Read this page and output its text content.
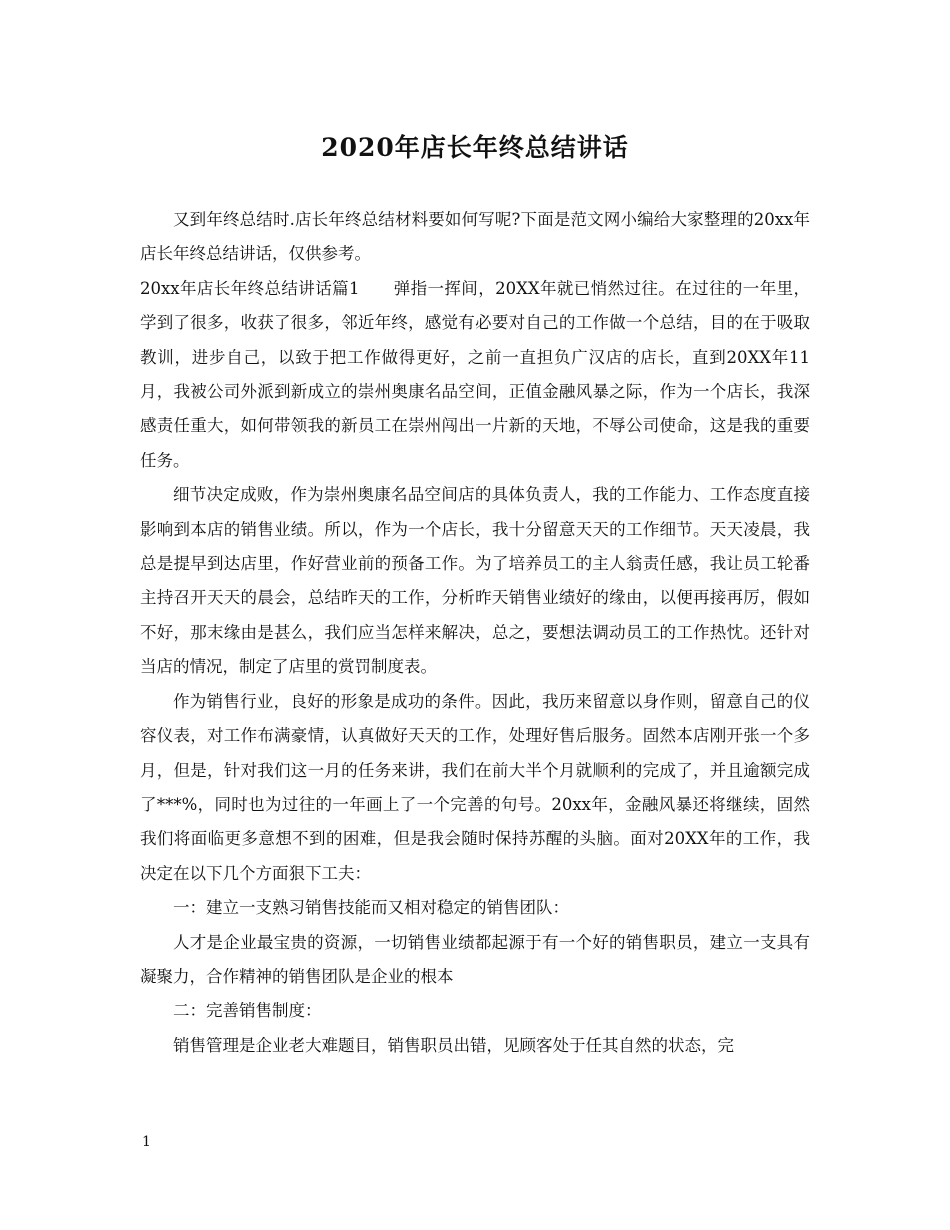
2020年店长年终总结讲话

又到年终总结时.店长年终总结材料要如何写呢?下面是范文网小编给大家整理的20xx年店长年终总结讲话，仅供参考。

20xx年店长年终总结讲话篇1　　弹指一挥间，20XX年就已悄然过往。在过往的一年里，学到了很多，收获了很多，邻近年终，感觉有必要对自己的工作做一个总结，目的在于吸取教训，进步自己，以致于把工作做得更好，之前一直担负广汉店的店长，直到20XX年11月，我被公司外派到新成立的崇州奥康名品空间，正值金融风暴之际，作为一个店长，我深感责任重大，如何带领我的新员工在崇州闯出一片新的天地，不辱公司使命，这是我的重要任务。

细节决定成败，作为崇州奥康名品空间店的具体负责人，我的工作能力、工作态度直接影响到本店的销售业绩。所以，作为一个店长，我十分留意天天的工作细节。天天凌晨，我总是提早到达店里，作好营业前的预备工作。为了培养员工的主人翁责任感，我让员工轮番主持召开天天的晨会，总结昨天的工作，分析昨天销售业绩好的缘由，以便再接再厉，假如不好，那末缘由是甚么，我们应当怎样来解决，总之，要想法调动员工的工作热忱。还针对当店的情况，制定了店里的赏罚制度表。

作为销售行业，良好的形象是成功的条件。因此，我历来留意以身作则，留意自己的仪容仪表，对工作布满豪情，认真做好天天的工作，处理好售后服务。固然本店刚开张一个多月，但是，针对我们这一月的任务来讲，我们在前大半个月就顺利的完成了，并且逾额完成了***%，同时也为过往的一年画上了一个完善的句号。20xx年，金融风暴还将继续，固然我们将面临更多意想不到的困难，但是我会随时保持苏醒的头脑。面对20XX年的工作，我决定在以下几个方面狠下工夫：

一：建立一支熟习销售技能而又相对稳定的销售团队：

人才是企业最宝贵的资源，一切销售业绩都起源于有一个好的销售职员，建立一支具有凝聚力，合作精神的销售团队是企业的根本

二：完善销售制度：

销售管理是企业老大难题目，销售职员出错，见顾客处于任其自然的状态，完

1
